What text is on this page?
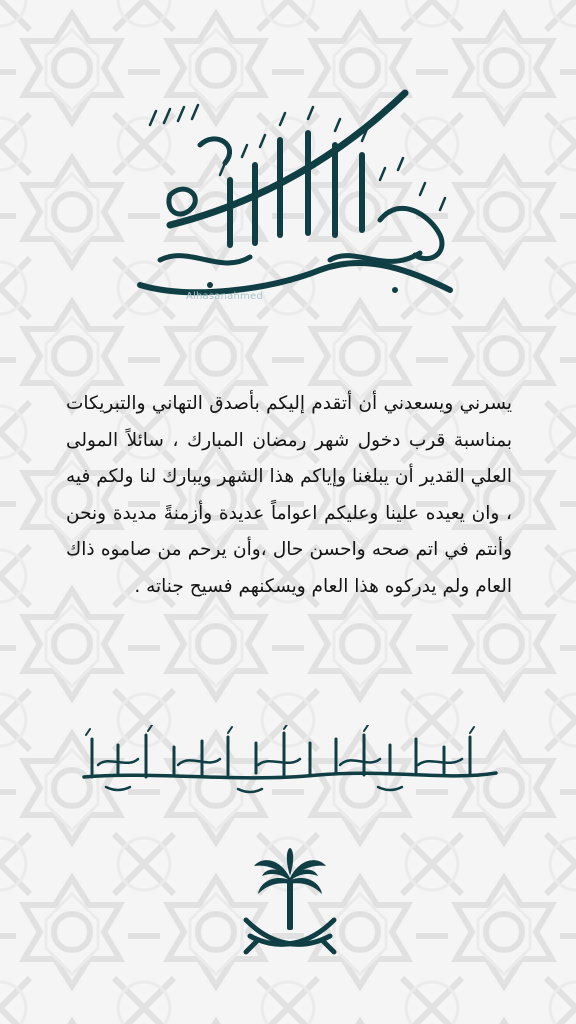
Alhasanahmed
يسرني ويسعدني أن أتقدم إليكم بأصدق التهاني والتبريكات بمناسبة قرب دخول شهر رمضان المبارك ، سائلاً المولى العلي القدير أن يبلغنا وإياكم هذا الشهر ويبارك لنا ولكم فيه ، وان يعيده علينا وعليكم اعواماً عديدة وأزمنةً مديدة ونحن وأنتم في اتم صحه واحسن حال ،وأن يرحم من صاموه ذاك العام ولم يدركوه هذا العام ويسكنهم فسيح جناته .
